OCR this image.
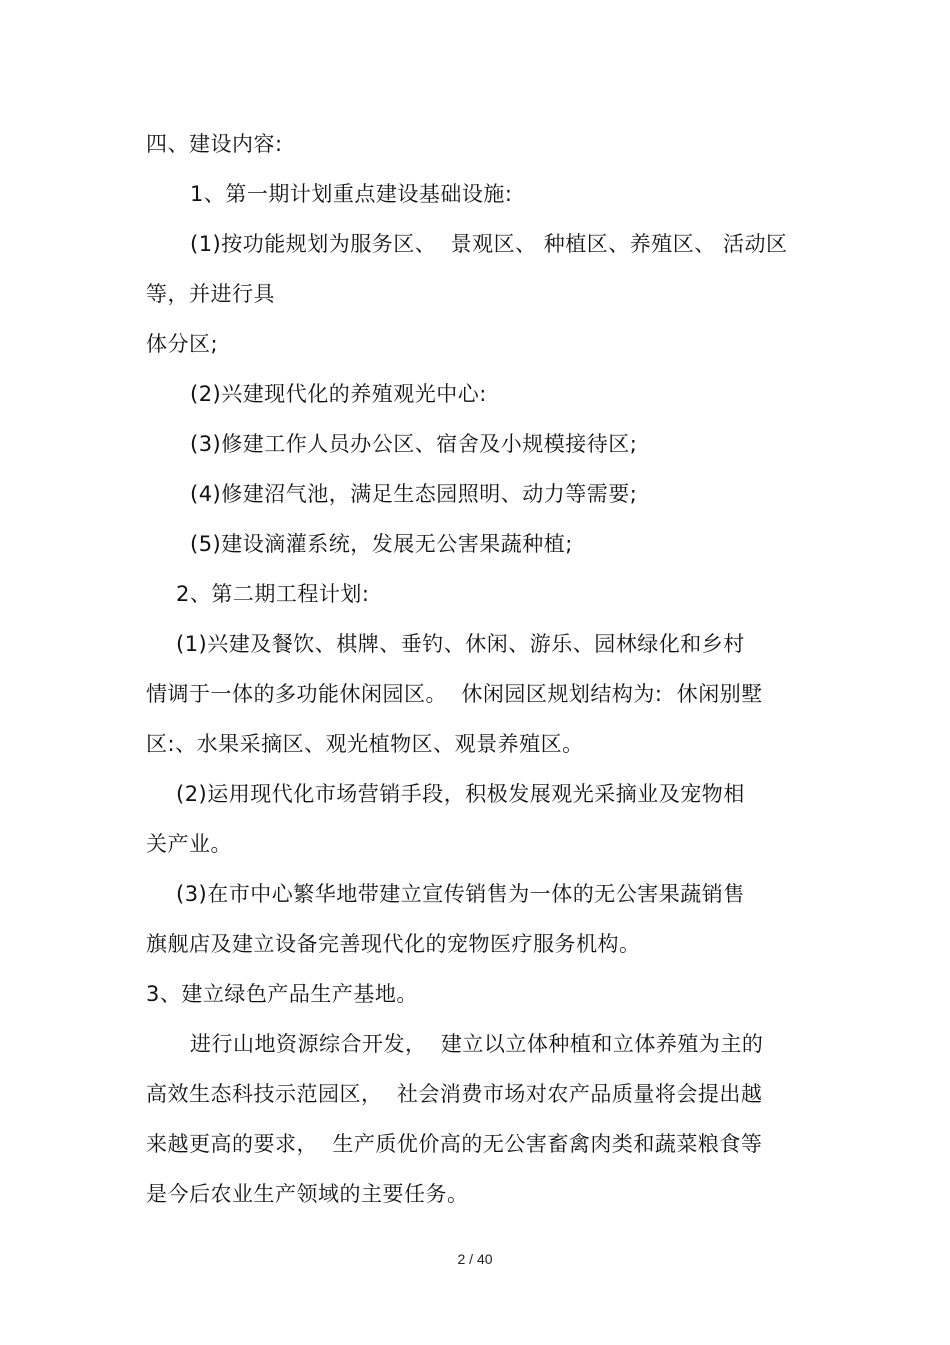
四、建设内容:
1、第一期计划重点建设基础设施:
(1)按功能规划为服务区、  景观区、 种植区、养殖区、 活动区
等，并进行具
体分区;
(2)兴建现代化的养殖观光中心:
(3)修建工作人员办公区、宿舍及小规模接待区;
(4)修建沼气池，满足生态园照明、动力等需要;
(5)建设滴灌系统，发展无公害果蔬种植;
2、第二期工程计划:
(1)兴建及餐饮、棋牌、垂钓、休闲、游乐、园林绿化和乡村
情调于一体的多功能休闲园区。  休闲园区规划结构为:  休闲别墅
区:、水果采摘区、观光植物区、观景养殖区。
(2)运用现代化市场营销手段，积极发展观光采摘业及宠物相
关产业。
(3)在市中心繁华地带建立宣传销售为一体的无公害果蔬销售
旗舰店及建立设备完善现代化的宠物医疗服务机构。
3、建立绿色产品生产基地。
进行山地资源综合开发，  建立以立体种植和立体养殖为主的
高效生态科技示范园区，  社会消费市场对农产品质量将会提出越
来越更高的要求，  生产质优价高的无公害畜禽肉类和蔬菜粮食等
是今后农业生产领域的主要任务。
2 / 40
